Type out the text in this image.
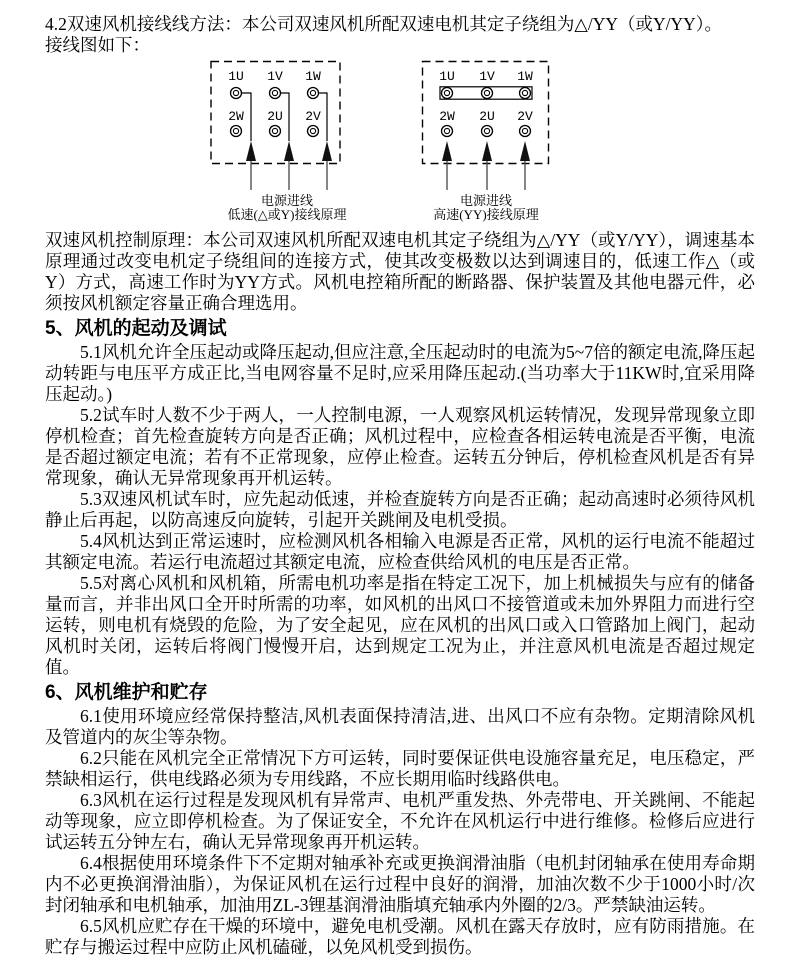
4.2双速风机接线线方法：本公司双速风机所配双速电机其定子绕组为△/YY（或Y/YY）。
接线图如下：

1U 1V 1W
2W 2U 2V
电源进线
低速(△或Y)接线原理
1U 1V 1W
2W 2U 2V
电源进线
高速(YY)接线原理

双速风机控制原理：本公司双速风机所配双速电机其定子绕组为△/YY（或Y/YY），调速基本原理通过改变电机定子绕组间的连接方式，使其改变极数以达到调速目的，低速工作△（或Y）方式，高速工作时为YY方式。风机电控箱所配的断路器、保护装置及其他电器元件，必须按风机额定容量正确合理选用。

5、风机的起动及调试

5.1风机允许全压起动或降压起动,但应注意,全压起动时的电流为5~7倍的额定电流,降压起动转距与电压平方成正比,当电网容量不足时,应采用降压起动.(当功率大于11KW时,宜采用降压起动。)

5.2试车时人数不少于两人，一人控制电源，一人观察风机运转情况，发现异常现象立即停机检查；首先检查旋转方向是否正确；风机过程中，应检查各相运转电流是否平衡，电流是否超过额定电流；若有不正常现象，应停止检查。运转五分钟后，停机检查风机是否有异常现象，确认无异常现象再开机运转。

5.3双速风机试车时，应先起动低速，并检查旋转方向是否正确；起动高速时必须待风机静止后再起，以防高速反向旋转，引起开关跳闸及电机受损。

5.4风机达到正常运速时，应检测风机各相输入电源是否正常，风机的运行电流不能超过其额定电流。若运行电流超过其额定电流，应检查供给风机的电压是否正常。

5.5对离心风机和风机箱，所需电机功率是指在特定工况下，加上机械损失与应有的储备量而言，并非出风口全开时所需的功率，如风机的出风口不接管道或未加外界阻力而进行空运转，则电机有烧毁的危险，为了安全起见，应在风机的出风口或入口管路加上阀门，起动风机时关闭，运转后将阀门慢慢开启，达到规定工况为止，并注意风机电流是否超过规定值。

6、风机维护和贮存

6.1使用环境应经常保持整洁,风机表面保持清洁,进、出风口不应有杂物。定期清除风机及管道内的灰尘等杂物。

6.2只能在风机完全正常情况下方可运转，同时要保证供电设施容量充足，电压稳定，严禁缺相运行，供电线路必须为专用线路，不应长期用临时线路供电。

6.3风机在运行过程是发现风机有异常声、电机严重发热、外壳带电、开关跳闸、不能起动等现象，应立即停机检查。为了保证安全，不允许在风机运行中进行维修。检修后应进行试运转五分钟左右，确认无异常现象再开机运转。

6.4根据使用环境条件下不定期对轴承补充或更换润滑油脂（电机封闭轴承在使用寿命期内不必更换润滑油脂），为保证风机在运行过程中良好的润滑，加油次数不少于1000小时/次封闭轴承和电机轴承，加油用ZL-3锂基润滑油脂填充轴承内外圈的2/3。严禁缺油运转。

6.5风机应贮存在干燥的环境中，避免电机受潮。风机在露天存放时，应有防雨措施。在贮存与搬运过程中应防止风机磕碰，以免风机受到损伤。
